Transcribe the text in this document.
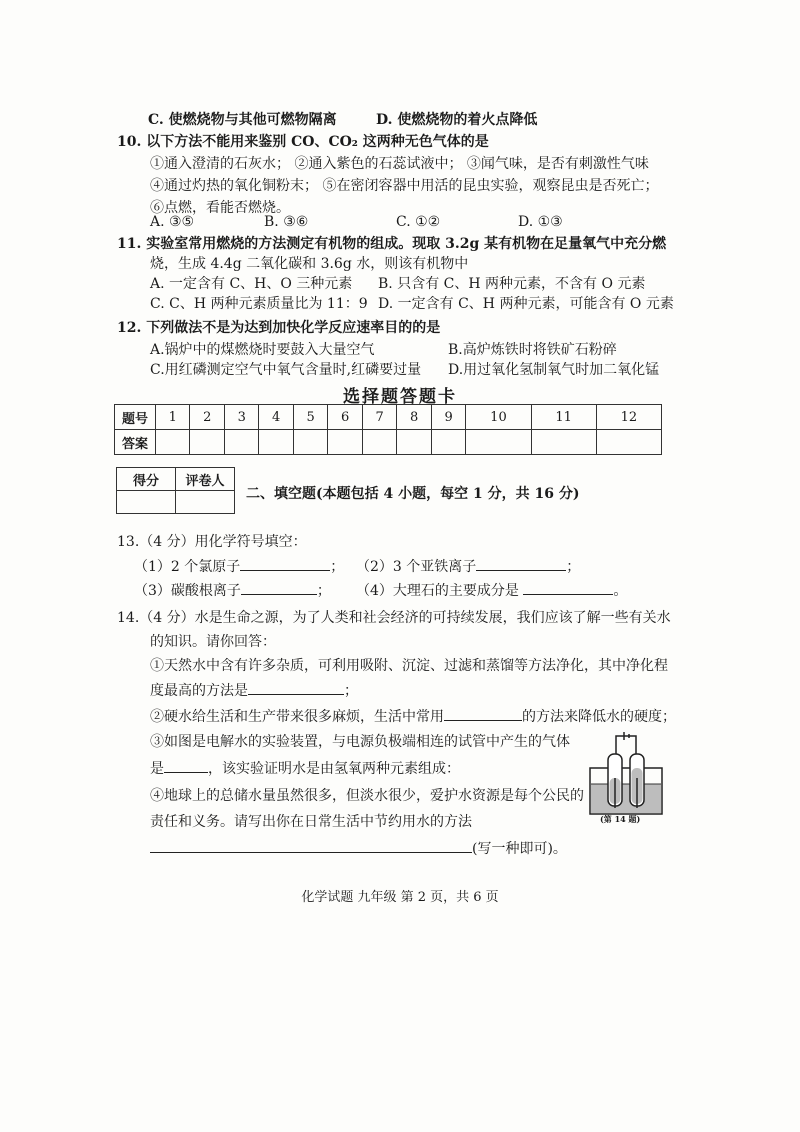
C. 使燃烧物与其他可燃物隔离	D. 使燃烧物的着火点降低
10. 以下方法不能用来鉴别 CO、CO₂ 这两种无色气体的是
①通入澄清的石灰水； ②通入紫色的石蕊试液中； ③闻气味，是否有刺激性气味
④通过灼热的氧化铜粉末； ⑤在密闭容器中用活的昆虫实验，观察昆虫是否死亡；
⑥点燃，看能否燃烧。
A. ③⑤	B. ③⑥	C. ①②	D. ①③
11. 实验室常用燃烧的方法测定有机物的组成。现取 3.2g 某有机物在足量氧气中充分燃
烧，生成 4.4g 二氧化碳和 3.6g 水，则该有机物中
A. 一定含有 C、H、O 三种元素 B. 只含有 C、H 两种元素，不含有 O 元素
C. C、H 两种元素质量比为 11：9 D. 一定含有 C、H 两种元素，可能含有 O 元素
12. 下列做法不是为达到加快化学反应速率目的的是
A.锅炉中的煤燃烧时要鼓入大量空气	B.高炉炼铁时将铁矿石粉碎
C.用红磷测定空气中氧气含量时,红磷要过量 D.用过氧化氢制氧气时加二氧化锰
选择题答题卡
题号	1	2	3	4	5	6	7	8	9	10	11	12
答案												
得分	评卷人

二、填空题(本题包括 4 小题，每空 1 分，共 16 分)
13.（4 分）用化学符号填空：
（1）2 个氯原子	； （2）3 个亚铁离子	；
（3）碳酸根离子	； （4）大理石的主要成分是	。
14.（4 分）水是生命之源，为了人类和社会经济的可持续发展，我们应该了解一些有关水
的知识。请你回答：
①天然水中含有许多杂质，可利用吸附、沉淀、过滤和蒸馏等方法净化，其中净化程
度最高的方法是	；
②硬水给生活和生产带来很多麻烦，生活中常用	的方法来降低水的硬度；
③如图是电解水的实验装置，与电源负极端相连的试管中产生的气体
是	，该实验证明水是由氢氧两种元素组成：
④地球上的总储水量虽然很多，但淡水很少，爱护水资源是每个公民的
责任和义务。请写出你在日常生活中节约用水的方法
(写一种即可)。
(第 14 题)
化学试题 九年级 第 2 页，共 6 页
